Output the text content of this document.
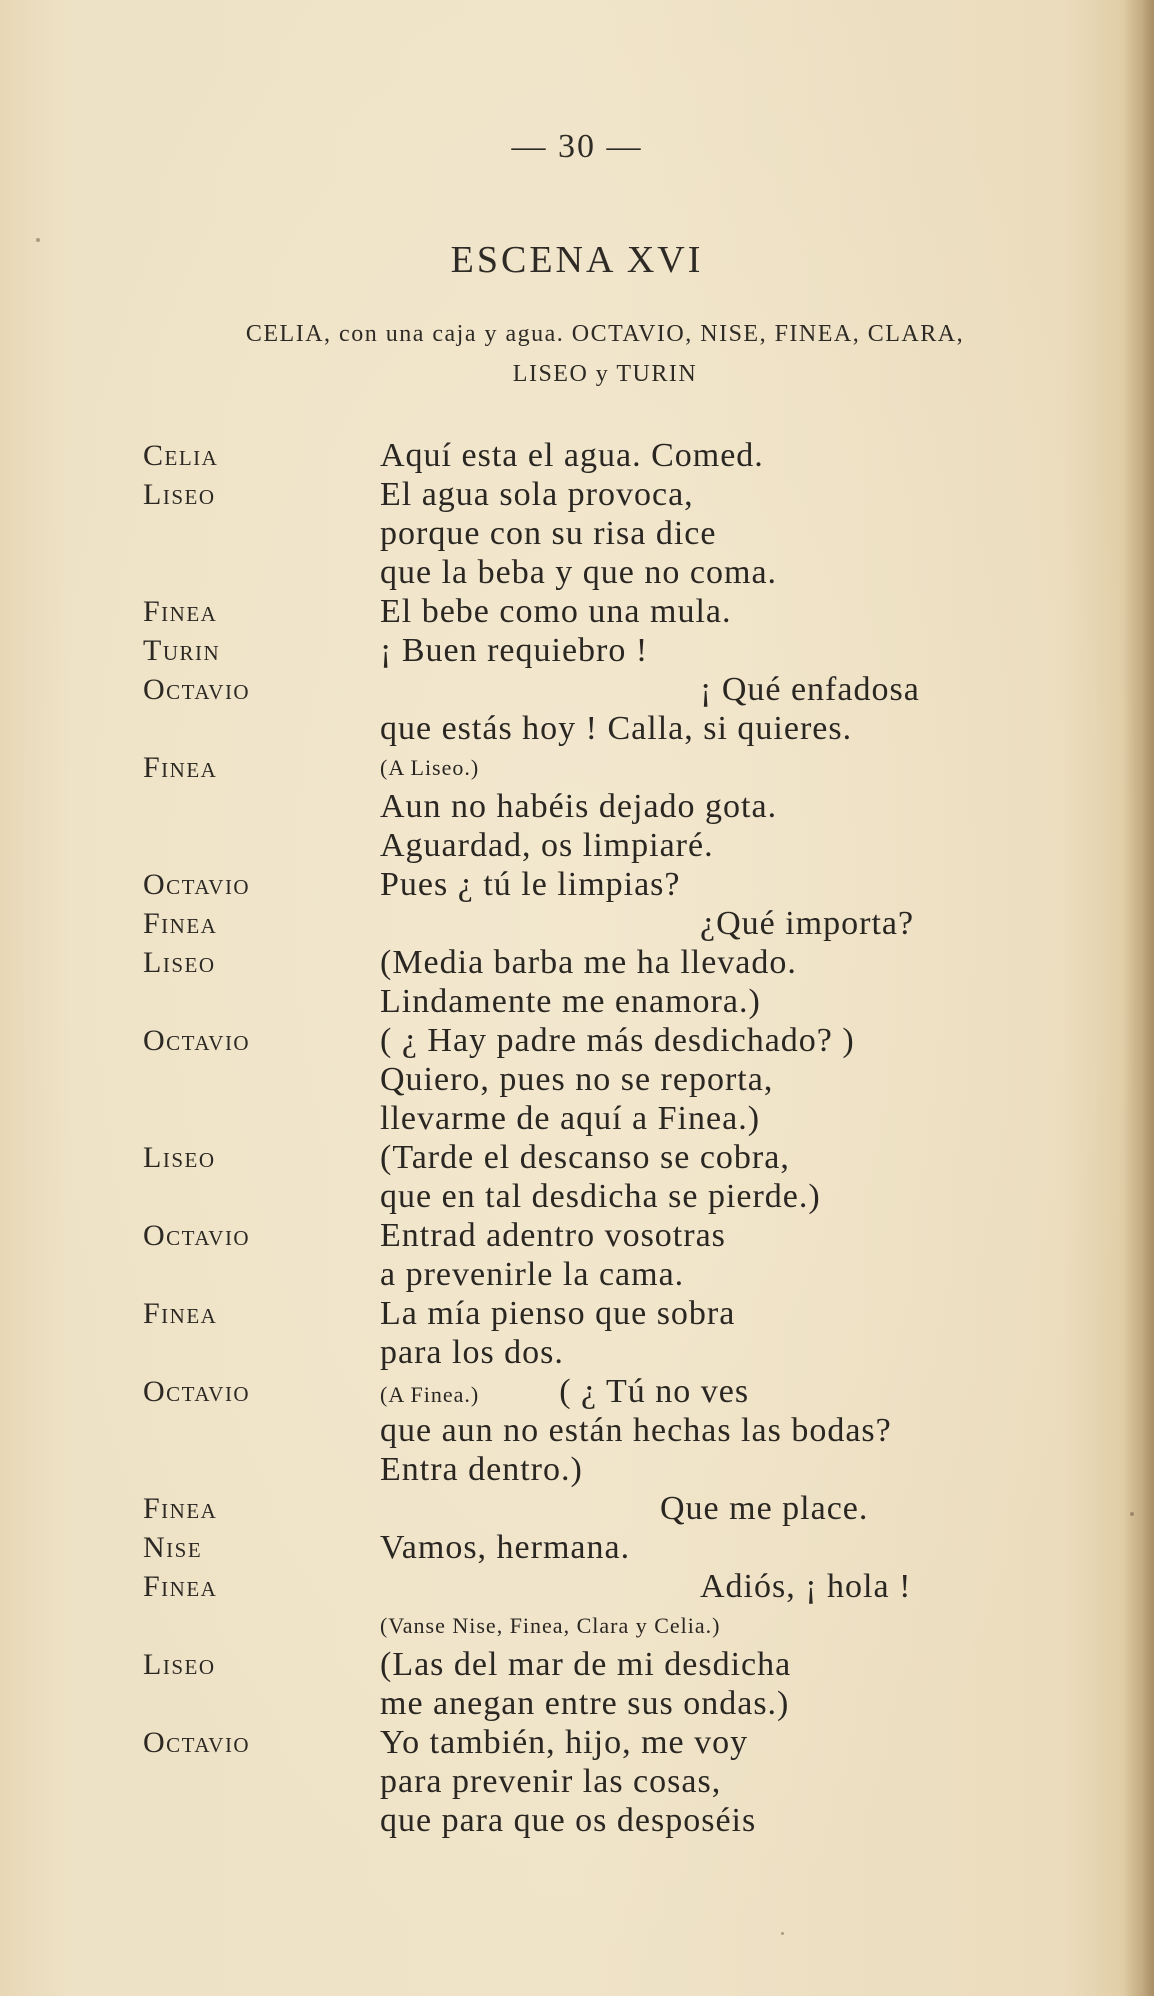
— 30 —
ESCENA XVI
CELIA, con una caja y agua. OCTAVIO, NISE, FINEA, CLARA,
LISEO y TURIN
Celia	Aquí esta el agua. Comed.
Liseo	El agua sola provoca,
porque con su risa dice
que la beba y que no coma.
Finea	El bebe como una mula.
Turin	¡ Buen requiebro !
Octavio	¡ Qué enfadosa
que estás hoy ! Calla, si quieres.
Finea	(A Liseo.)
Aun no habéis dejado gota.
Aguardad, os limpiaré.
Octavio	Pues ¿ tú le limpias?
Finea	¿Qué importa?
Liseo	(Media barba me ha llevado.
Lindamente me enamora.)
Octavio	( ¿ Hay padre más desdichado? )
Quiero, pues no se reporta,
llevarme de aquí a Finea.)
Liseo	(Tarde el descanso se cobra,
que en tal desdicha se pierde.)
Octavio	Entrad adentro vosotras
a prevenirle la cama.
Finea	La mía pienso que sobra
para los dos.
Octavio	(A Finea.) ( ¿ Tú no ves
que aun no están hechas las bodas?
Entra dentro.)
Finea	Que me place.
Nise	Vamos, hermana.
Finea	Adiós, ¡ hola !
(Vanse Nise, Finea, Clara y Celia.)
Liseo	(Las del mar de mi desdicha
me anegan entre sus ondas.)
Octavio	Yo también, hijo, me voy
para prevenir las cosas,
que para que os desposéis
